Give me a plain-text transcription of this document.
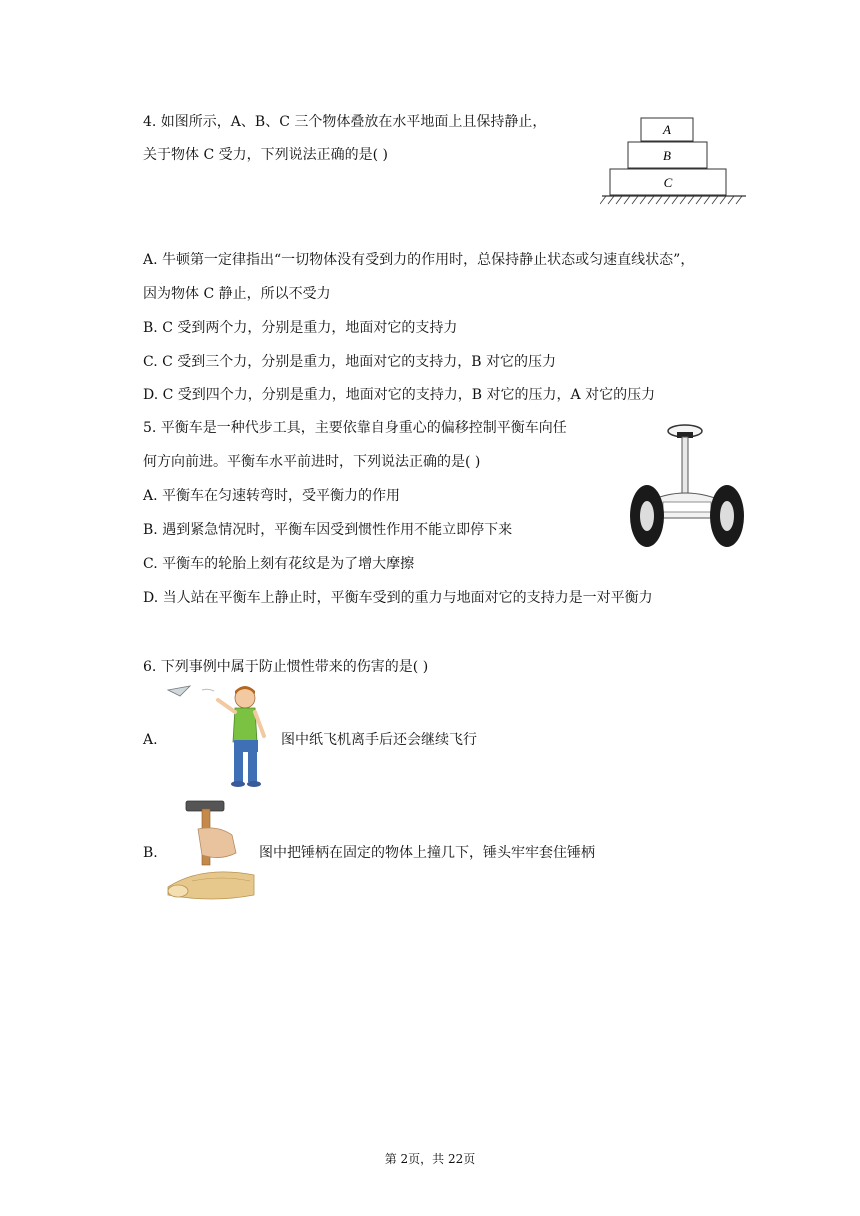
4. 如图所示，A、B、C 三个物体叠放在水平地面上且保持静止，
关于物体 C 受力，下列说法正确的是( )
A
B
C
A. 牛顿第一定律指出“一切物体没有受到力的作用时，总保持静止状态或匀速直线状态”，
因为物体 C 静止，所以不受力
B. C 受到两个力，分别是重力，地面对它的支持力
C. C 受到三个力，分别是重力，地面对它的支持力，B 对它的压力
D. C 受到四个力，分别是重力，地面对它的支持力，B 对它的压力，A 对它的压力
5. 平衡车是一种代步工具，主要依靠自身重心的偏移控制平衡车向任
何方向前进。平衡车水平前进时，下列说法正确的是( )
A. 平衡车在匀速转弯时，受平衡力的作用
B. 遇到紧急情况时，平衡车因受到惯性作用不能立即停下来
C. 平衡车的轮胎上刻有花纹是为了增大摩擦
D. 当人站在平衡车上静止时，平衡车受到的重力与地面对它的支持力是一对平衡力
6. 下列事例中属于防止惯性带来的伤害的是( )
A.	图中纸飞机离手后还会继续飞行
B.	图中把锤柄在固定的物体上撞几下，锤头牢牢套住锤柄
第 2页，共 22页
